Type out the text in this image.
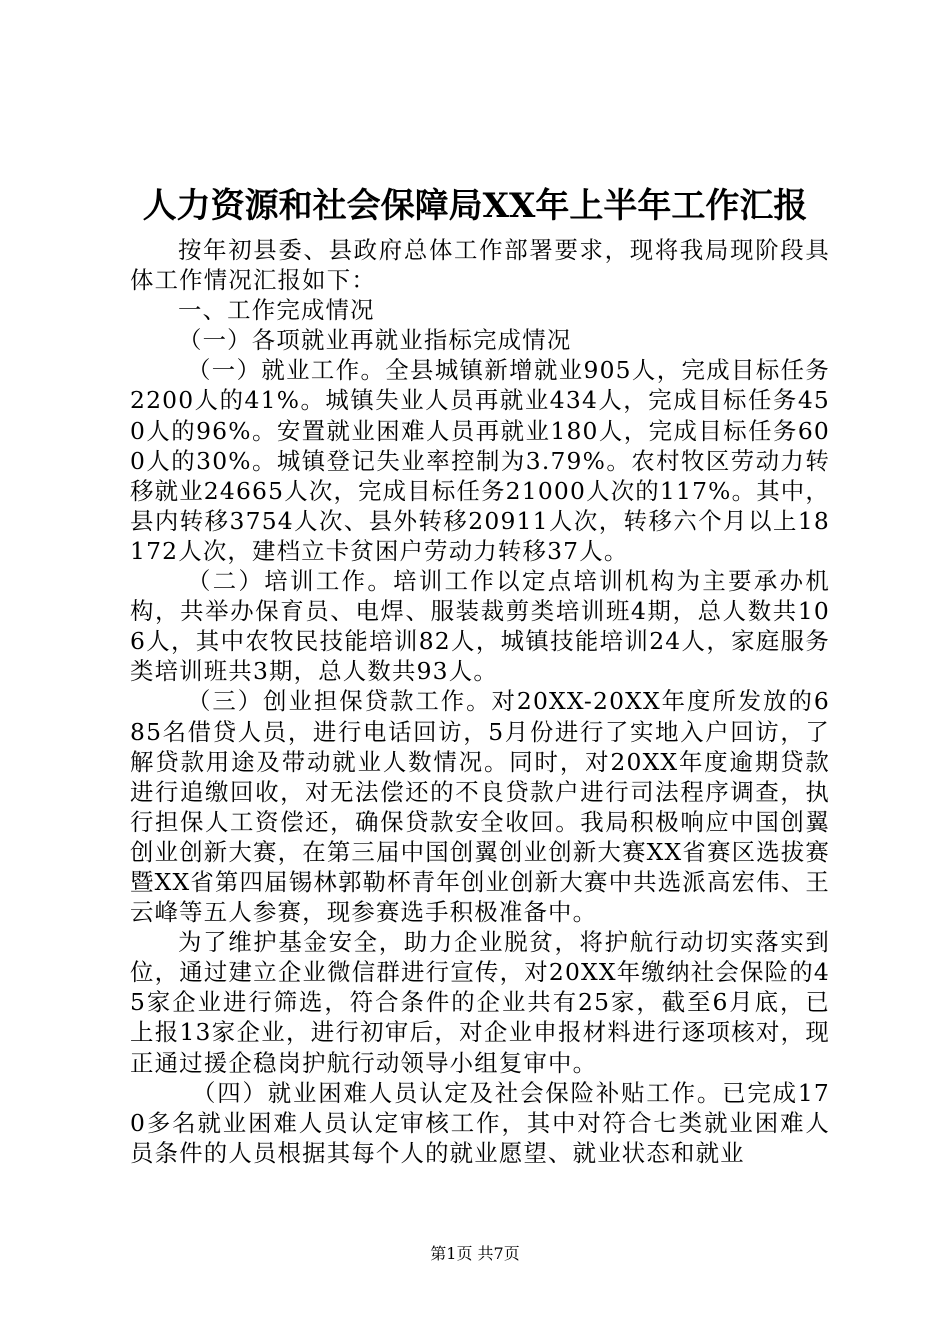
人力资源和社会保障局XX年上半年工作汇报

按年初县委、县政府总体工作部署要求，现将我局现阶段具体工作情况汇报如下：

一、工作完成情况

（一）各项就业再就业指标完成情况

（一）就业工作。全县城镇新增就业905人，完成目标任务2200人的41%。城镇失业人员再就业434人，完成目标任务450人的96%。安置就业困难人员再就业180人，完成目标任务600人的30%。城镇登记失业率控制为3.79%。农村牧区劳动力转移就业24665人次，完成目标任务21000人次的117%。其中，县内转移3754人次、县外转移20911人次，转移六个月以上18172人次，建档立卡贫困户劳动力转移37人。

（二）培训工作。培训工作以定点培训机构为主要承办机构，共举办保育员、电焊、服装裁剪类培训班4期，总人数共106人，其中农牧民技能培训82人，城镇技能培训24人，家庭服务类培训班共3期，总人数共93人。

（三）创业担保贷款工作。对20XX-20XX年度所发放的685名借贷人员，进行电话回访，5月份进行了实地入户回访，了解贷款用途及带动就业人数情况。同时，对20XX年度逾期贷款进行追缴回收，对无法偿还的不良贷款户进行司法程序调查，执行担保人工资偿还，确保贷款安全收回。我局积极响应中国创翼创业创新大赛，在第三届中国创翼创业创新大赛XX省赛区选拔赛暨XX省第四届锡林郭勒杯青年创业创新大赛中共选派高宏伟、王云峰等五人参赛，现参赛选手积极准备中。

为了维护基金安全，助力企业脱贫，将护航行动切实落实到位，通过建立企业微信群进行宣传，对20XX年缴纳社会保险的45家企业进行筛选，符合条件的企业共有25家，截至6月底，已上报13家企业，进行初审后，对企业申报材料进行逐项核对，现正通过援企稳岗护航行动领导小组复审中。

（四）就业困难人员认定及社会保险补贴工作。已完成170多名就业困难人员认定审核工作，其中对符合七类就业困难人员条件的人员根据其每个人的就业愿望、就业状态和就业

第1页 共7页
